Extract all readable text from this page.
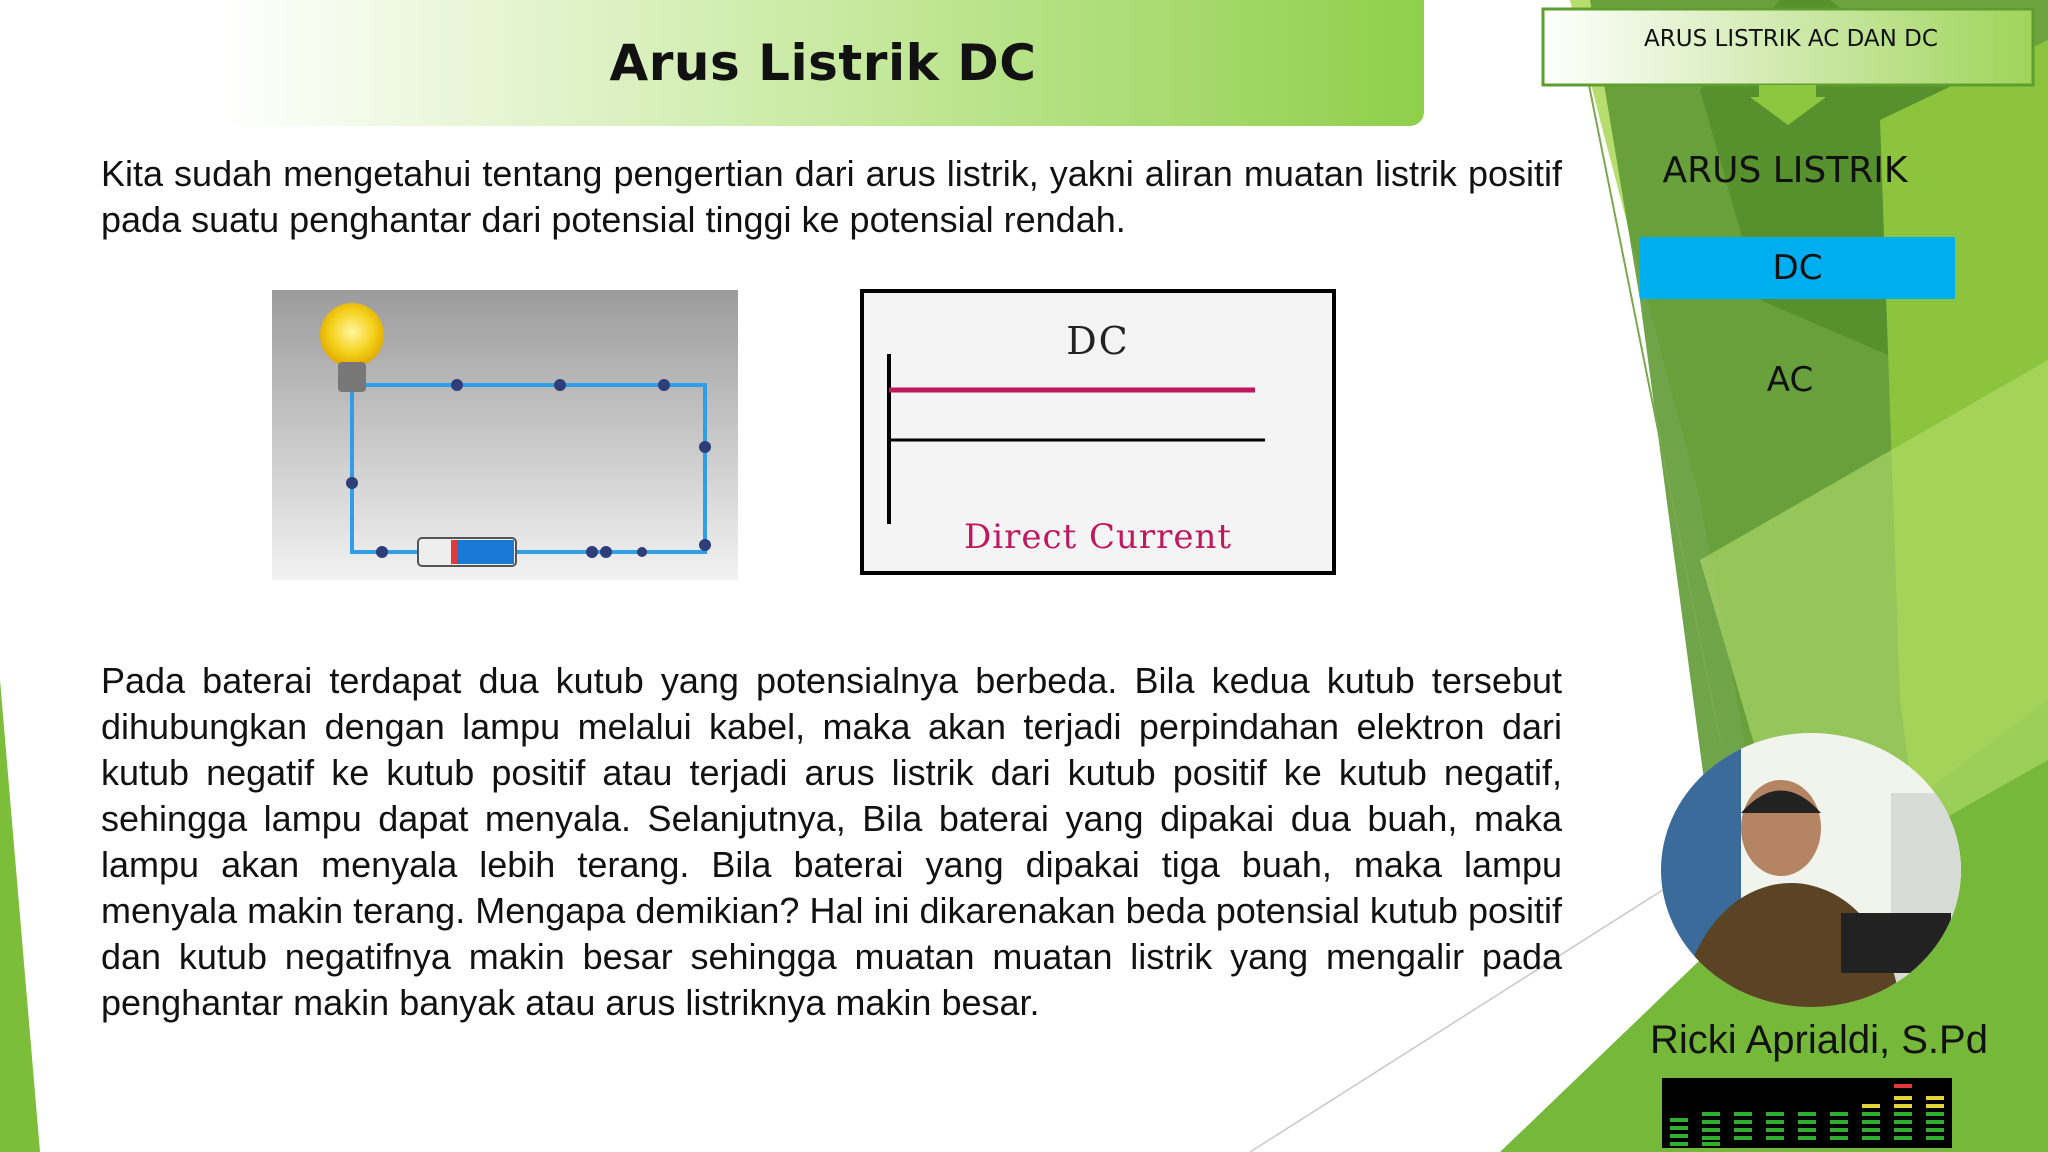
Arus Listrik DC
Kita sudah mengetahui tentang pengertian dari arus listrik, yakni aliran muatan listrik positif pada suatu penghantar dari potensial tinggi ke potensial rendah.
DC
Direct Current
Pada baterai terdapat dua kutub yang potensialnya berbeda. Bila kedua kutub tersebut dihubungkan dengan lampu melalui kabel, maka akan terjadi perpindahan elektron dari kutub negatif ke kutub positif atau terjadi arus listrik dari kutub positif ke kutub negatif, sehingga lampu dapat menyala. Selanjutnya, Bila baterai yang dipakai dua buah, maka lampu akan menyala lebih terang. Bila baterai yang dipakai tiga buah, maka lampu menyala makin terang. Mengapa demikian? Hal ini dikarenakan beda potensial kutub positif dan kutub negatifnya makin besar sehingga muatan muatan listrik yang mengalir pada penghantar makin banyak atau arus listriknya makin besar.
ARUS LISTRIK AC DAN DC
ARUS LISTRIK
DC
AC
Ricki Aprialdi, S.Pd
